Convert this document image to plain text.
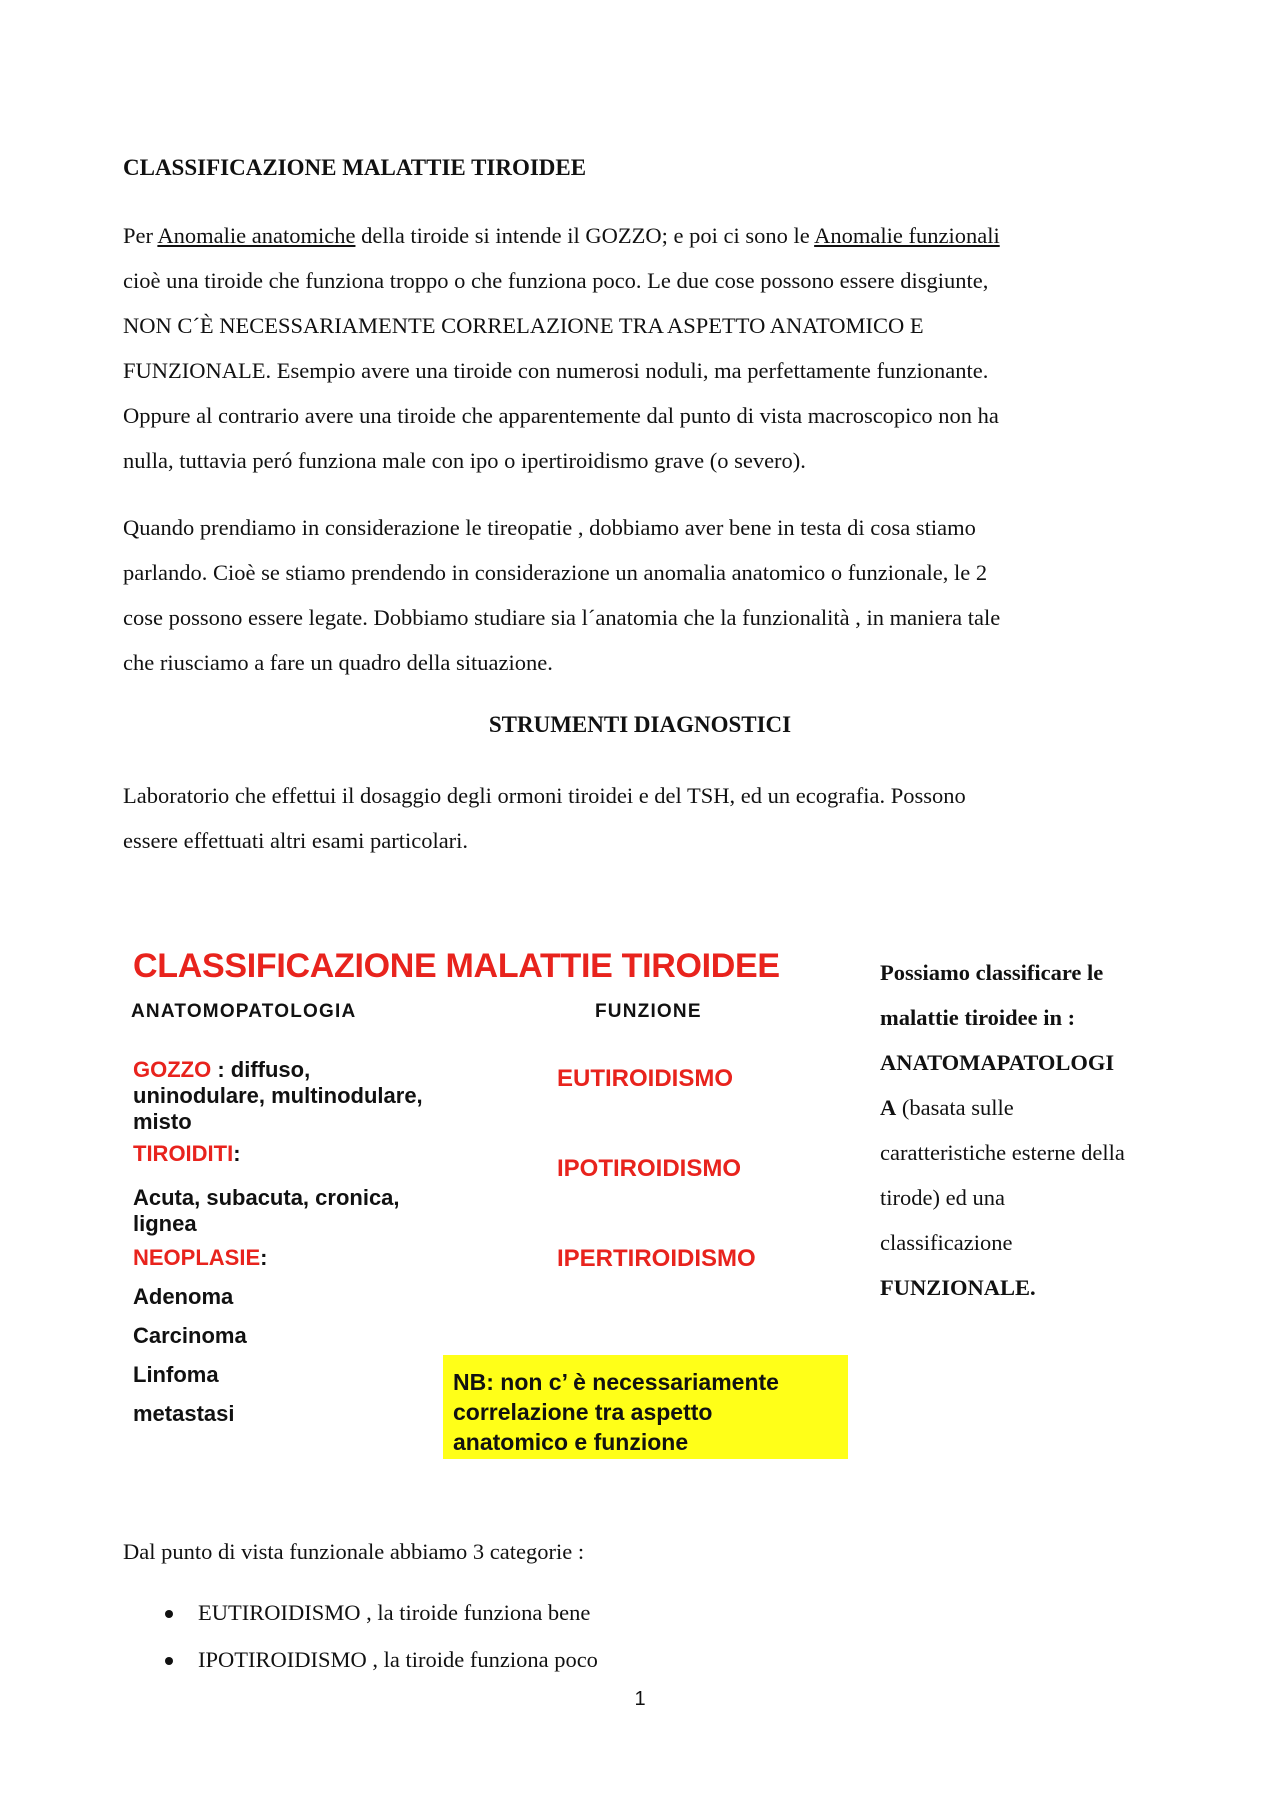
CLASSIFICAZIONE MALATTIE TIROIDEE
Per Anomalie anatomiche della tiroide si intende il GOZZO; e poi ci sono le Anomalie funzionali
cioè una tiroide che funziona troppo o che funziona poco. Le due cose possono essere disgiunte,
NON C´È NECESSARIAMENTE CORRELAZIONE TRA ASPETTO ANATOMICO E
FUNZIONALE. Esempio avere una tiroide con numerosi noduli, ma perfettamente funzionante.
Oppure al contrario avere una tiroide che apparentemente dal punto di vista macroscopico non ha
nulla, tuttavia peró funziona male con ipo o ipertiroidismo grave (o severo).
Quando prendiamo in considerazione le tireopatie , dobbiamo aver bene in testa di cosa stiamo
parlando. Cioè se stiamo prendendo in considerazione un anomalia anatomico o funzionale, le 2
cose possono essere legate. Dobbiamo studiare sia l´anatomia che la funzionalità , in maniera tale
che riusciamo a fare un quadro della situazione.
STRUMENTI DIAGNOSTICI
Laboratorio che effettui il dosaggio degli ormoni tiroidei e del TSH, ed un ecografia. Possono
essere effettuati altri esami particolari.
CLASSIFICAZIONE MALATTIE TIROIDEE
ANATOMOPATOLOGIA	FUNZIONE
GOZZO : diffuso,
uninodulare, multinodulare,
misto
TIROIDITI:
Acuta, subacuta, cronica,
lignea
NEOPLASIE:
Adenoma
Carcinoma
Linfoma
metastasi
EUTIROIDISMO
IPOTIROIDISMO
IPERTIROIDISMO
NB: non c’ è necessariamente
correlazione tra aspetto
anatomico e funzione
Possiamo classificare le
malattie tiroidee in :
ANATOMAPATOLOGI
A (basata sulle
caratteristiche esterne della
tirode) ed una
classificazione
FUNZIONALE.
Dal punto di vista funzionale abbiamo 3 categorie :
EUTIROIDISMO , la tiroide funziona bene
IPOTIROIDISMO , la tiroide funziona poco
1
